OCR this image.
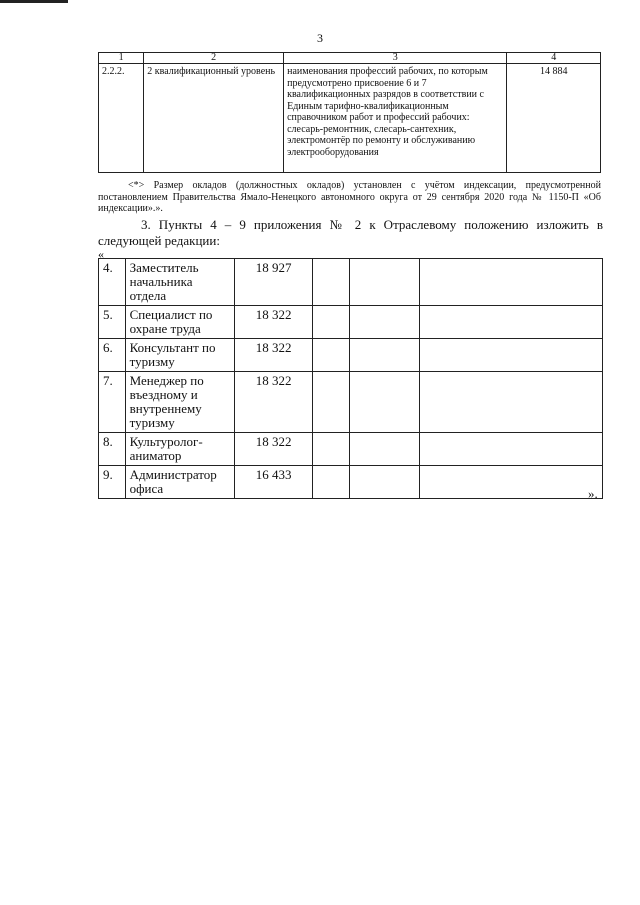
3
1	2	3	4
2.2.2.	2 квалификационный уровень	наименования профессий рабочих, по которым предусмотрено присвоение 6 и 7 квалификационных разрядов в соответствии с Единым тарифно-квалификационным справочником работ и профессий рабочих: слесарь-ремонтник, слесарь-сантехник, электромонтёр по ремонту и обслуживанию электрооборудования	14 884
<*> Размер окладов (должностных окладов) установлен с учётом индексации, предусмотренной постановлением Правительства Ямало-Ненецкого автономного округа от 29 сентября 2020 года № 1150-П «Об индексации».».
3. Пункты 4 – 9 приложения № 2 к Отраслевому положению изложить в следующей редакции:
«
4.	Заместитель начальника отдела	18 927			
5.	Специалист по охране труда	18 322			
6.	Консультант по туризму	18 322			
7.	Менеджер по въездному и внутреннему туризму	18 322			
8.	Культуролог-аниматор	18 322			
9.	Администратор офиса	16 433			
».
